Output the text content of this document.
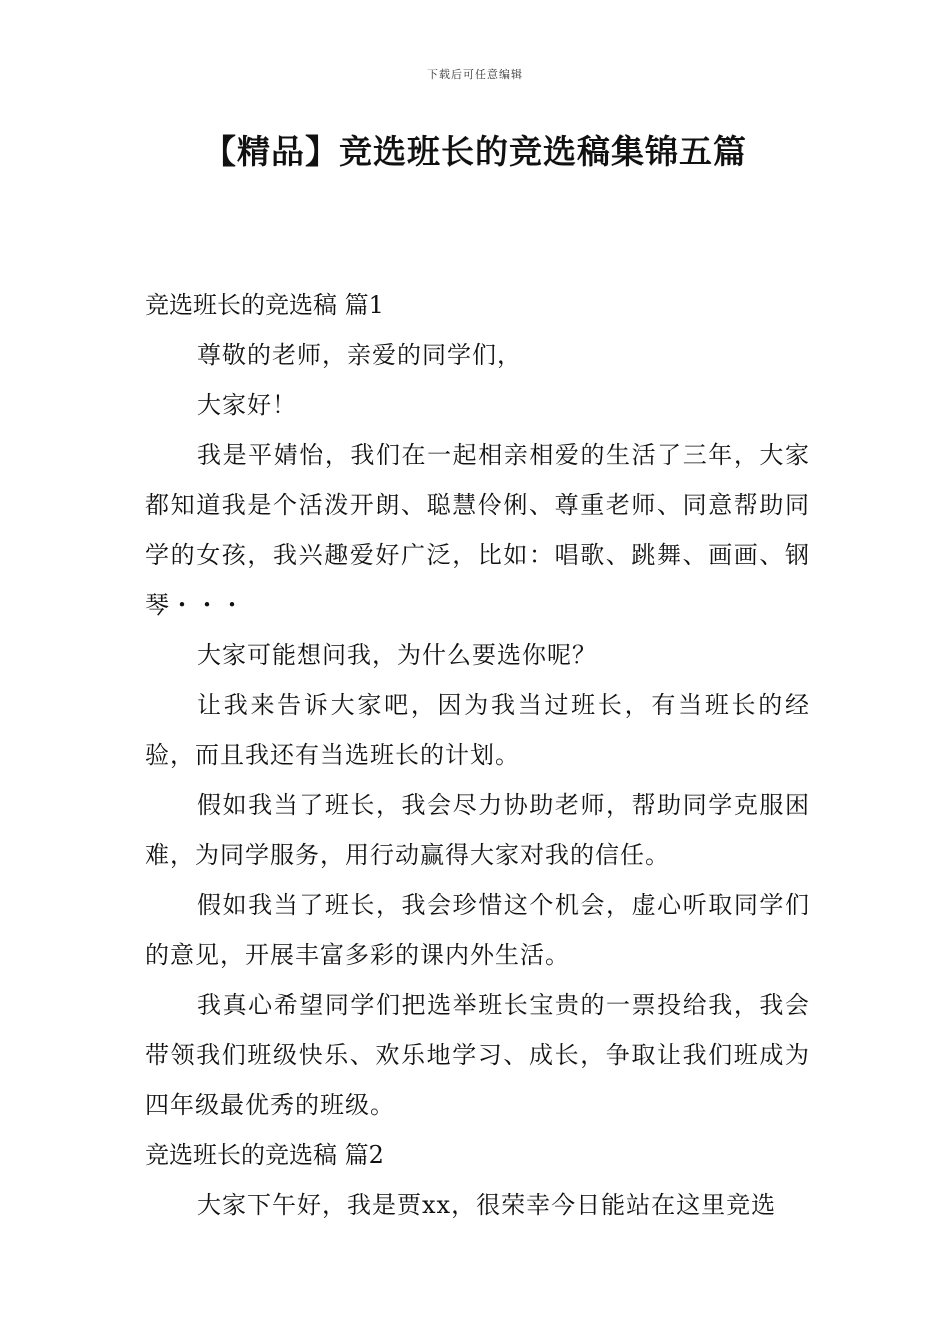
下载后可任意编辑
【精品】竞选班长的竞选稿集锦五篇
竞选班长的竞选稿 篇1

尊敬的老师，亲爱的同学们，

大家好！

我是平婧怡，我们在一起相亲相爱的生活了三年，大家都知道我是个活泼开朗、聪慧伶俐、尊重老师、同意帮助同学的女孩，我兴趣爱好广泛，比如：唱歌、跳舞、画画、钢琴・・・

大家可能想问我，为什么要选你呢？

让我来告诉大家吧，因为我当过班长，有当班长的经验，而且我还有当选班长的计划。

假如我当了班长，我会尽力协助老师，帮助同学克服困难，为同学服务，用行动赢得大家对我的信任。

假如我当了班长，我会珍惜这个机会，虚心听取同学们的意见，开展丰富多彩的课内外生活。

我真心希望同学们把选举班长宝贵的一票投给我，我会带领我们班级快乐、欢乐地学习、成长，争取让我们班成为四年级最优秀的班级。

竞选班长的竞选稿 篇2

大家下午好，我是贾xx，很荣幸今日能站在这里竞选
